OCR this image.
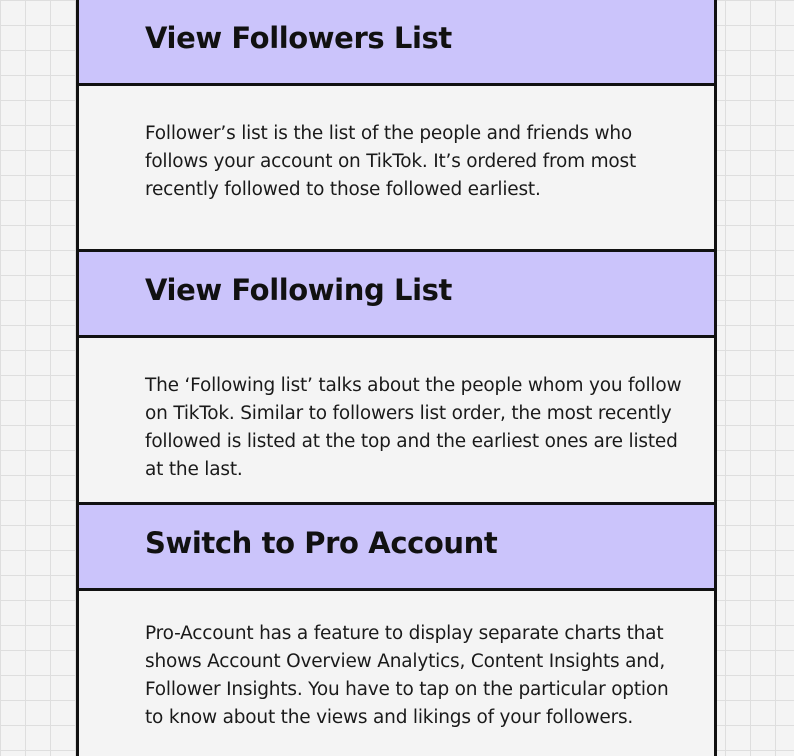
View Followers List

Follower’s list is the list of the people and friends who follows your account on TikTok. It’s ordered from most recently followed to those followed earliest.

View Following List

The ‘Following list’ talks about the people whom you follow on TikTok. Similar to followers list order, the most recently followed is listed at the top and the earliest ones are listed at the last.

Switch to Pro Account

Pro-Account has a feature to display separate charts that shows Account Overview Analytics, Content Insights and, Follower Insights. You have to tap on the particular option to know about the views and likings of your followers.
